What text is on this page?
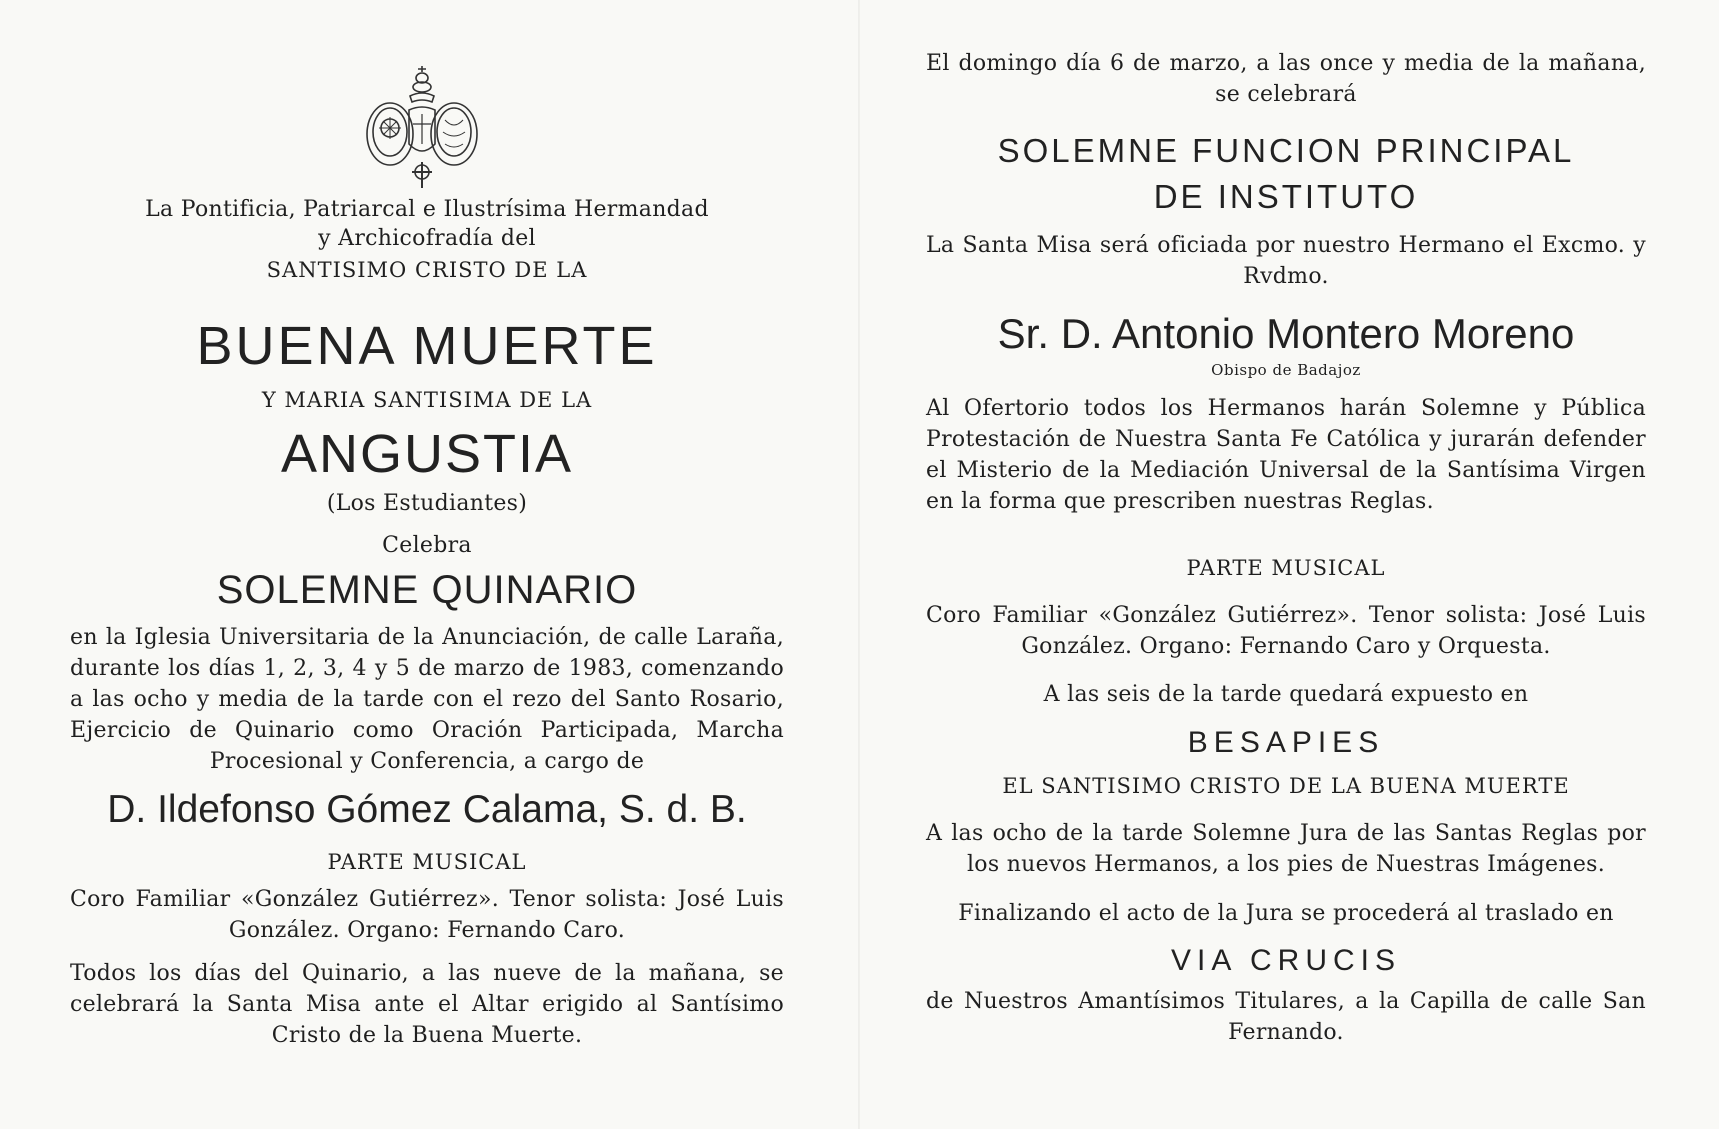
La Pontificia, Patriarcal e Ilustrísima Hermandad

y Archicofradía del

SANTISIMO CRISTO DE LA

BUENA MUERTE

Y MARIA SANTISIMA DE LA

ANGUSTIA

(Los Estudiantes)

Celebra

SOLEMNE QUINARIO

en la Iglesia Universitaria de la Anunciación, de calle Laraña, durante los días 1, 2, 3, 4 y 5 de marzo de 1983, comenzando a las ocho y media de la tarde con el rezo del Santo Rosario, Ejercicio de Quinario como Oración Participada, Marcha Procesional y Conferencia, a cargo de

D. Ildefonso Gómez Calama, S. d. B.

PARTE MUSICAL

Coro Familiar «González Gutiérrez». Tenor solista: José Luis González. Organo: Fernando Caro.

Todos los días del Quinario, a las nueve de la mañana, se celebrará la Santa Misa ante el Altar erigido al Santísimo Cristo de la Buena Muerte.

El domingo día 6 de marzo, a las once y media de la mañana, se celebrará

SOLEMNE FUNCION PRINCIPAL
DE INSTITUTO

La Santa Misa será oficiada por nuestro Hermano el Excmo. y Rvdmo.

Sr. D. Antonio Montero Moreno

Obispo de Badajoz

Al Ofertorio todos los Hermanos harán Solemne y Pública Protestación de Nuestra Santa Fe Católica y jurarán defender el Misterio de la Mediación Universal de la Santísima Virgen en la forma que prescriben nuestras Reglas.

PARTE MUSICAL

Coro Familiar «González Gutiérrez». Tenor solista: José Luis González. Organo: Fernando Caro y Orquesta.

A las seis de la tarde quedará expuesto en

BESAPIES

EL SANTISIMO CRISTO DE LA BUENA MUERTE

A las ocho de la tarde Solemne Jura de las Santas Reglas por los nuevos Hermanos, a los pies de Nuestras Imágenes.

Finalizando el acto de la Jura se procederá al traslado en

VIA CRUCIS

de Nuestros Amantísimos Titulares, a la Capilla de calle San Fernando.
